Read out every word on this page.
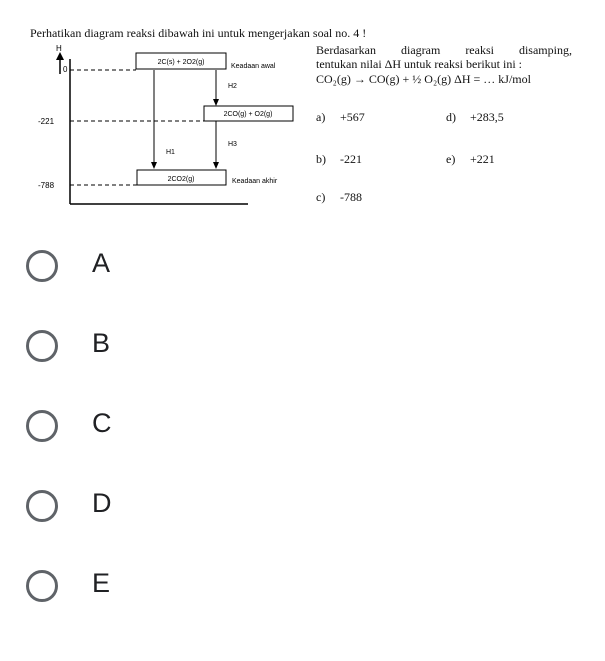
Perhatikan diagram reaksi dibawah ini untuk mengerjakan soal no. 4 !
H
0
-221
-788
2C(s) + 2O2(g)
2CO(g) + O2(g)
2CO2(g)
Keadaan awal
Keadaan akhir
H1
H2
H3
Berdasarkan diagram reaksi disamping,
tentukan nilai ΔH untuk reaksi berikut ini :
CO₂(g) → CO(g) + ½ O₂(g) ΔH = … kJ/mol
a) +567	d) +283,5
b) -221	e) +221
c) -788
A
B
C
D
E
